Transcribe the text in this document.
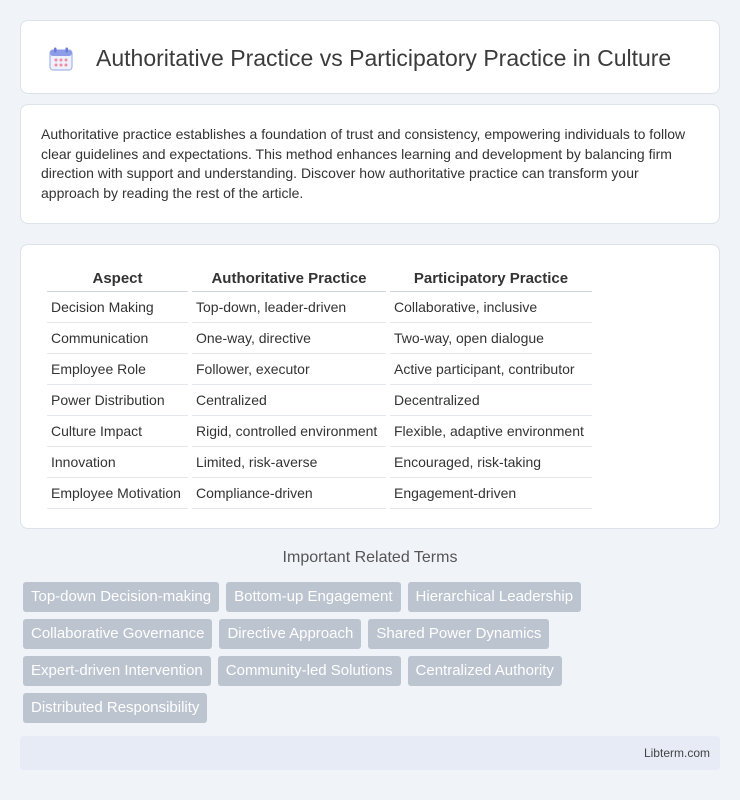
Authoritative Practice vs Participatory Practice in Culture

Authoritative practice establishes a foundation of trust and consistency, empowering individuals to follow clear guidelines and expectations. This method enhances learning and development by balancing firm direction with support and understanding. Discover how authoritative practice can transform your approach by reading the rest of the article.

Aspect	Authoritative Practice	Participatory Practice
Decision Making	Top-down, leader-driven	Collaborative, inclusive
Communication	One-way, directive	Two-way, open dialogue
Employee Role	Follower, executor	Active participant, contributor
Power Distribution	Centralized	Decentralized
Culture Impact	Rigid, controlled environment	Flexible, adaptive environment
Innovation	Limited, risk-averse	Encouraged, risk-taking
Employee Motivation	Compliance-driven	Engagement-driven
Important Related Terms
Top-down Decision-making	Bottom-up Engagement	Hierarchical Leadership
Collaborative Governance	Directive Approach	Shared Power Dynamics
Expert-driven Intervention	Community-led Solutions	Centralized Authority
Distributed Responsibility
Libterm.com
